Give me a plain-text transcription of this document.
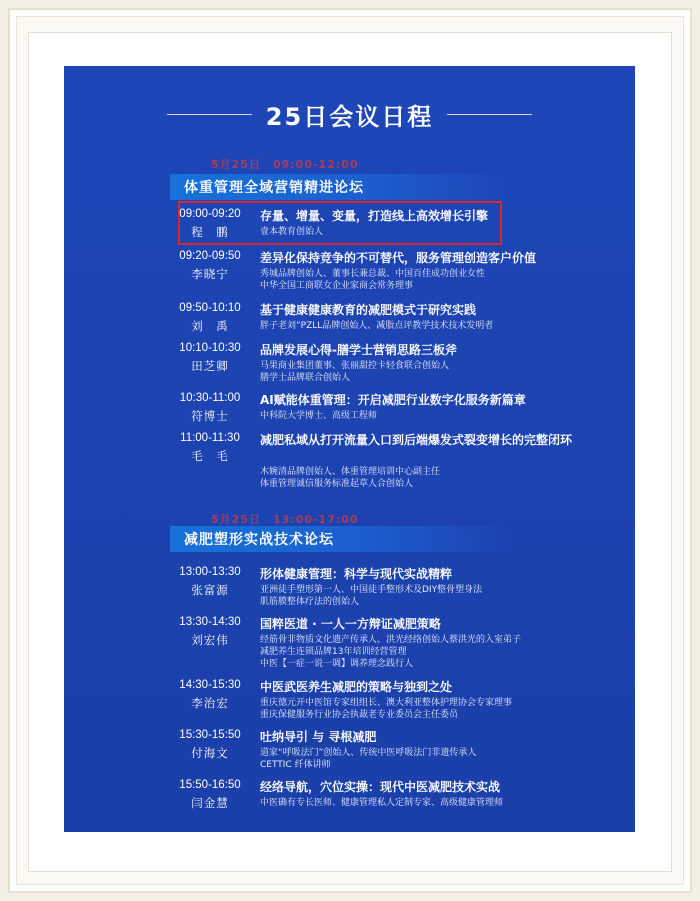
25日会议日程
5月25日　09:00-12:00
体重管理全域营销精进论坛
09:00-09:20
程　鹏
存量、增量、变量，打造线上高效增长引擎
壹本教育创始人
09:20-09:50
李晓宁
差异化保持竞争的不可替代，服务管理创造客户价值
秀城品牌创始人、董事长兼总裁、中国百佳成功创业女性
中华全国工商联女企业家商会常务理事
09:50-10:10
刘　禹
基于健康健康教育的减肥模式于研究实践
胖子老刘”PZLL品牌创始人、减脂点评教学技术技术发明者
10:10-10:30
田芝卿
品牌发展心得-膳学士营销思路三板斧
马果商业集团董事、张丽甜控卡轻食联合创始人
膳学士品牌联合创始人
10:30-11:00
符博士
AI赋能体重管理：开启减肥行业数字化服务新篇章
中科院大学博士、高级工程师
11:00-11:30
毛　毛
减肥私域从打开流量入口到后端爆发式裂变增长的完整闭环
木婉清品牌创始人、体重管理培训中心副主任
体重管理诚信服务标准起草人合创始人
5月25日　13:00-17:00
减肥塑形实战技术论坛
13:00-13:30
张富源
形体健康管理：科学与现代实战精粹
亚洲徒手塑形第一人、中国徒手整形术及DIY整骨塑身法
肌筋膜整体疗法的创始人
13:30-14:30
刘宏伟
国粹医道 · 一人一方辩证减肥策略
经筋骨非物质文化遗产传承人、洪光经络创始人蔡洪光的入室弟子
减肥养生连锁品牌13年培训经营管理
中医【一症一说一调】调养理念践行人
14:30-15:30
李治宏
中医武医养生减肥的策略与独到之处
重庆德元开中医馆专家组组长、澳大利亚整体护理协会专家理事
重庆保健服务行业协会执裁老专业委员会主任委员
15:30-15:50
付海文
吐纳导引 与 寻根减肥
道家“呼吸法门”创始人、传统中医呼吸法门非遗传承人
CETTIC 纤体讲师
15:50-16:50
闫金慧
经络导航，穴位实操：现代中医减肥技术实战
中医确有专长医师、健康管理私人定制专家、高级健康管理师
